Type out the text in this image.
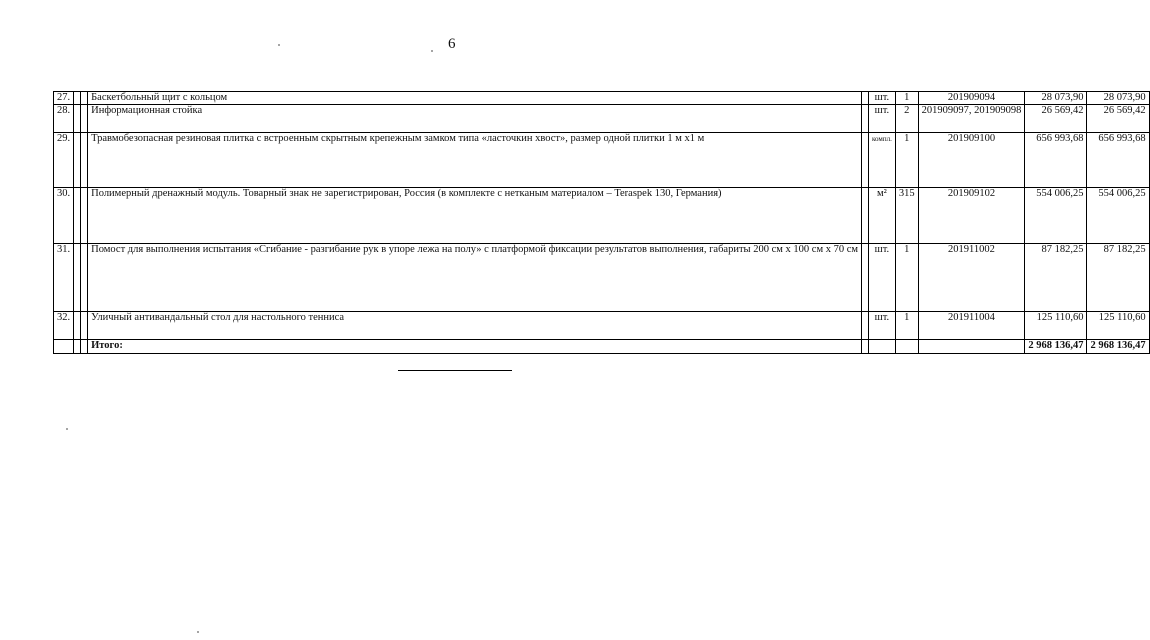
6
27.			Баскетбольный щит с кольцом		шт.	1	201909094	28 073,90	28 073,90
28.			Информационная стойка		шт.	2	201909097, 201909098	26 569,42	26 569,42
29.			Травмобезопасная резиновая плитка с встроенным скрытным крепежным замком типа «ласточкин хвост», размер одной плитки 1 м х1 м		компл.	1	201909100	656 993,68	656 993,68
30.			Полимерный дренажный модуль. Товарный знак не зарегистрирован, Россия (в комплекте с нетканым материалом – Teraspek 130, Германия)		м²	315	201909102	554 006,25	554 006,25
31.			Помост для выполнения испытания «Сгибание - разгибание рук в упоре лежа на полу» с платформой фиксации результатов выполнения, габариты 200 см х 100 см х 70 см		шт.	1	201911002	87 182,25	87 182,25
32.			Уличный антивандальный стол для настольного тенниса		шт.	1	201911004	125 110,60	125 110,60
			Итого:					2 968 136,47	2 968 136,47
